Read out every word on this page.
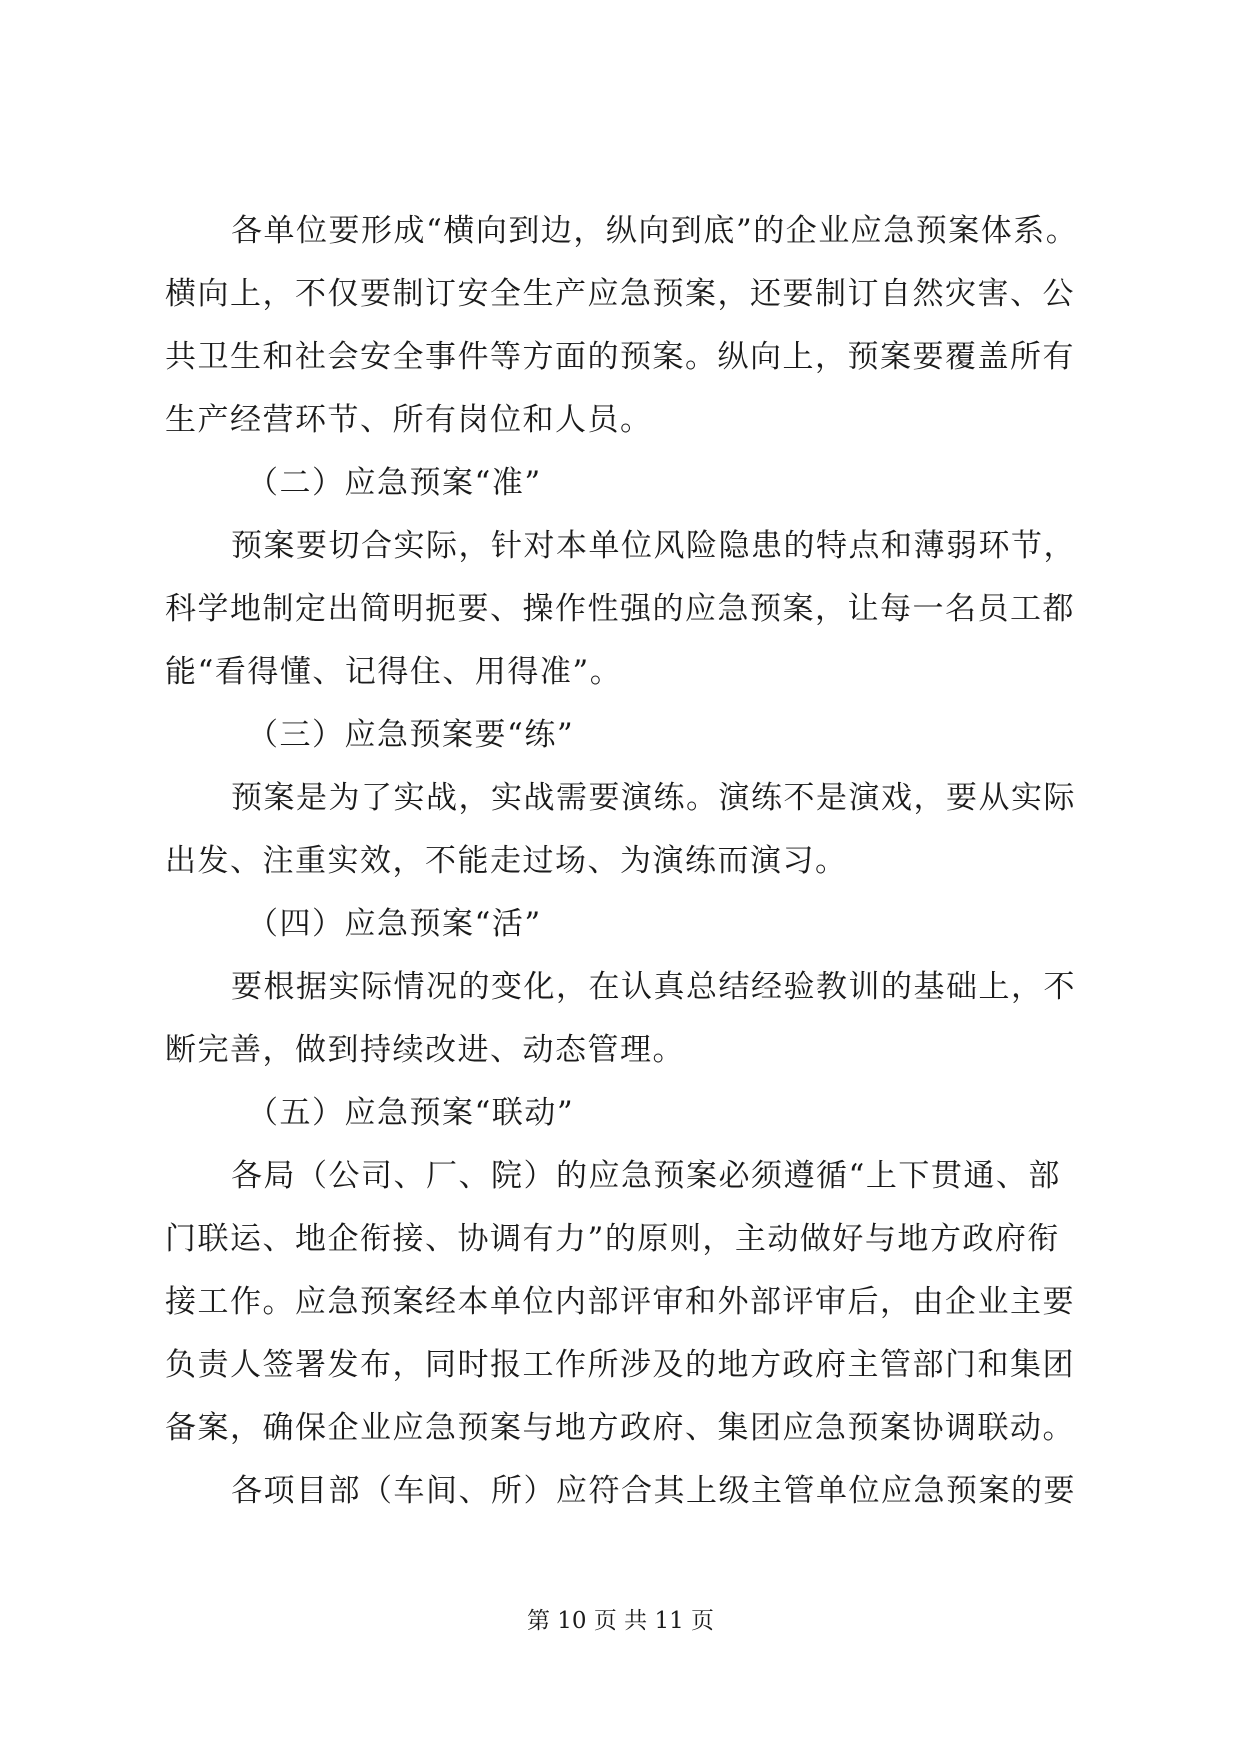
各单位要形成“横向到边，纵向到底”的企业应急预案体系。
横向上，不仅要制订安全生产应急预案，还要制订自然灾害、公
共卫生和社会安全事件等方面的预案。纵向上，预案要覆盖所有
生产经营环节、所有岗位和人员。
（二）应急预案“准”
预案要切合实际，针对本单位风险隐患的特点和薄弱环节，
科学地制定出简明扼要、操作性强的应急预案，让每一名员工都
能“看得懂、记得住、用得准”。
（三）应急预案要“练”
预案是为了实战，实战需要演练。演练不是演戏，要从实际
出发、注重实效，不能走过场、为演练而演习。
（四）应急预案“活”
要根据实际情况的变化，在认真总结经验教训的基础上，不
断完善，做到持续改进、动态管理。
（五）应急预案“联动”
各局（公司、厂、院）的应急预案必须遵循“上下贯通、部
门联运、地企衔接、协调有力”的原则，主动做好与地方政府衔
接工作。应急预案经本单位内部评审和外部评审后，由企业主要
负责人签署发布，同时报工作所涉及的地方政府主管部门和集团
备案，确保企业应急预案与地方政府、集团应急预案协调联动。
各项目部（车间、所）应符合其上级主管单位应急预案的要
第 10 页 共 11 页
